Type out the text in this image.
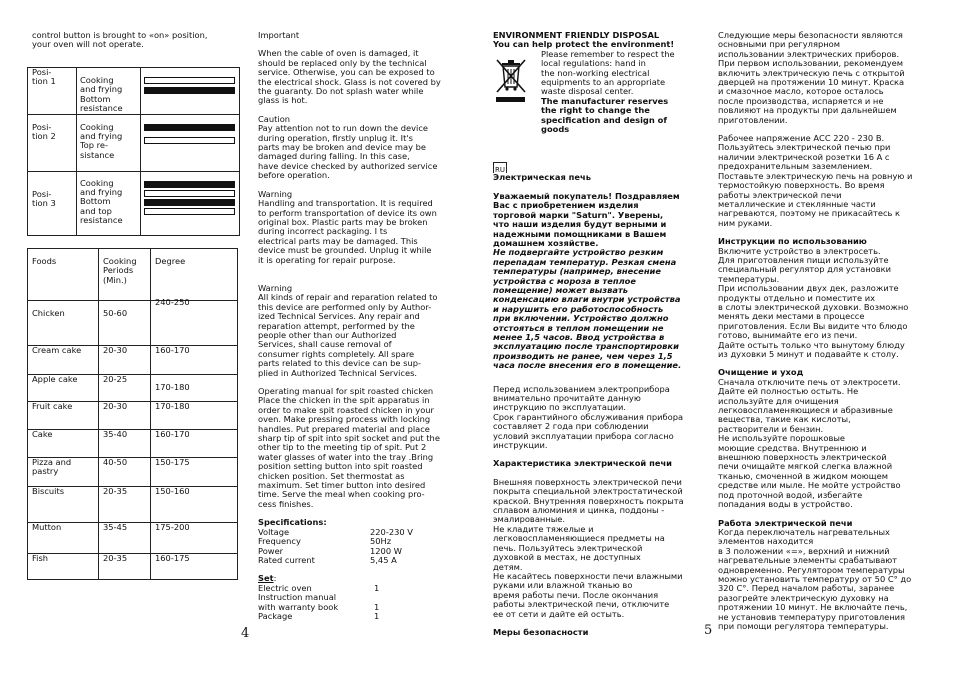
control button is brought to «on» position,
your oven will not operate.

Posi-
tion 1	Cooking
and frying
Bottom
resistance	

Posi-
tion 2	Cooking
and frying
Top re-
sistance	

Posi-
tion 3	Cooking
and frying
Bottom
and top
resistance	

Foods	Cooking
Periods
(Min.)	Degree

Chicken	50-60	240-250

Cream cake	20-30	160-170

Apple cake	20-25	170-180

Fruit cake	20-30	170-180

Cake	35-40	160-170

Pizza and
pastry	40-50	150-175

Biscuits	20-35	150-160

Mutton	35-45	175-200

Fish	20-35	160-175

Important

When the cable of oven is damaged, it
should be replaced only by the technical
service. Otherwise, you can be exposed to
the electrical shock. Glass is not covered by
the guaranty. Do not splash water while
glass is hot.

Caution

Pay attention not to run down the device
during operation, firstly unplug it. It's
parts may be broken and device may be
damaged during falling. In this case,
have device checked by authorized service
before operation.

Warning

Handling and transportation. It is required
to perform transportation of device its own
original box. Plastic parts may be broken
during incorrect packaging. I ts
electrical parts may be damaged. This
device must be grounded. Unplug it while
it is operating for repair purpose.

Warning

All kinds of repair and reparation related to
this device are performed only by Author-
ized Technical Services. Any repair and
reparation attempt, performed by the
people other than our Authorized
Services, shall cause removal of
consumer rights completely. All spare
parts related to this device can be sup-
plied in Authorized Technical Services.

Operating manual for spit roasted chicken
Place the chicken in the spit apparatus in
order to make spit roasted chicken in your
oven. Make pressing process with locking
handles. Put prepared material and place
sharp tip of spit into spit socket and put the
other tip to the meeting tip of spit. Put 2
water glasses of water into the tray .Bring
position setting button into spit roasted
chicken position. Set thermostat as
maximum. Set timer button into desired
time. Serve the meal when cooking pro-
cess finishes.

Specifications:

Voltage	220-230 V
Frequency	50Hz
Power	1200 W
Rated current	5,45 A

Set:

Electric oven	1
Instruction manual
with warranty book	1
Package	1
4

ENVIRONMENT FRIENDLY DISPOSAL

You can help protect the environment!

Please remember to respect the
local regulations: hand in
the non-working electrical
equipments to an appropriate
waste disposal center.

The manufacturer reserves
the right to change the
specification and design of
goods

RU

Электрическая печь

Уважаемый покупатель! Поздравляем
Вас с приобретением изделия
торговой марки "Saturn". Уверены,
что наши изделия будут верными и
надежными помощниками в Вашем
домашнем хозяйстве.

Не подвергайте устройство резким
перепадам температур. Резкая смена
температуры (например, внесение
устройства с мороза в теплое
помещение) может вызвать
конденсацию влаги внутри устройства
и нарушить его работоспособность
при включении. Устройство должно
отстояться в теплом помещении не
менее 1,5 часов. Ввод устройства в
эксплуатацию после транспортировки
производить не ранее, чем через 1,5
часа после внесения его в помещение.

Перед использованием электроприбора
внимательно прочитайте данную
инструкцию по эксплуатации.
Срок гарантийного обслуживания прибора
составляет 2 года при соблюдении
условий эксплуатации прибора согласно
инструкции.

Характеристика электрической печи

Внешняя поверхность электрической печи
покрыта специальной электростатической
краской. Внутренняя поверхность покрыта
сплавом алюминия и цинка, поддоны -
эмалированные.
Не кладите тяжелые и
легковоспламеняющиеся предметы на
печь. Пользуйтесь электрической
духовкой в местах, не доступных
детям.
Не касайтесь поверхности печи влажными
руками или влажной тканью во
время работы печи. После окончания
работы электрической печи, отключите
ее от сети и дайте ей остыть.

Меры безопасности

Следующие меры безопасности являются
основными при регулярном
использовании электрических приборов.
При первом использовании, рекомендуем
включить электрическую печь с открытой
дверцей на протяжении 10 минут. Краска
и смазочное масло, которое осталось
после производства, испаряется и не
повлияют на продукты при дальнейшем
приготовлении.

Рабочее напряжение АСС 220 - 230 В.
Пользуйтесь электрической печью при
наличии электрической розетки 16 А с
предохранительным заземлением.
Поставьте электрическую печь на ровную и
термостойкую поверхность. Во время
работы электрической печи
металлические и стеклянные части
нагреваются, поэтому не прикасайтесь к
ним руками.

Инструкции по использованию

Включите устройство в электросеть.
Для приготовления пищи используйте
специальный регулятор для установки
температуры.
При использовании двух дек, разложите
продукты отдельно и поместите их
в слоты электрической духовки. Возможно
менять деки местами в процессе
приготовления. Если Вы видите что блюдо
готово, вынимайте его из печи.
Дайте остыть только что вынутому блюду
из духовки 5 минут и подавайте к столу.

Очищение и уход

Сначала отключите печь от электросети.
Дайте ей полностью остыть. Не
используйте для очищения
легковоспламеняющиеся и абразивные
вещества, такие как кислоты,
растворители и бензин.
Не используйте порошковые
моющие средства. Внутреннюю и
внешнюю поверхность электрической
печи очищайте мягкой слегка влажной
тканью, смоченной в жидком моющем
средстве или мыле. Не мойте устройство
под проточной водой, избегайте
попадания воды в устройство.

Работа электрической печи

Когда переключатель нагревательных
элементов находится
в 3 положении «=», верхний и нижний
нагревательные элементы срабатывают
одновременно. Регулятором температуры
можно установить температуру от 50 С° до
320 С°. Перед началом работы, заранее
разогрейте электрическую духовку на
протяжении 10 минут. Не включайте печь,
не установив температуру приготовления
при помощи регулятора температуры.

5
